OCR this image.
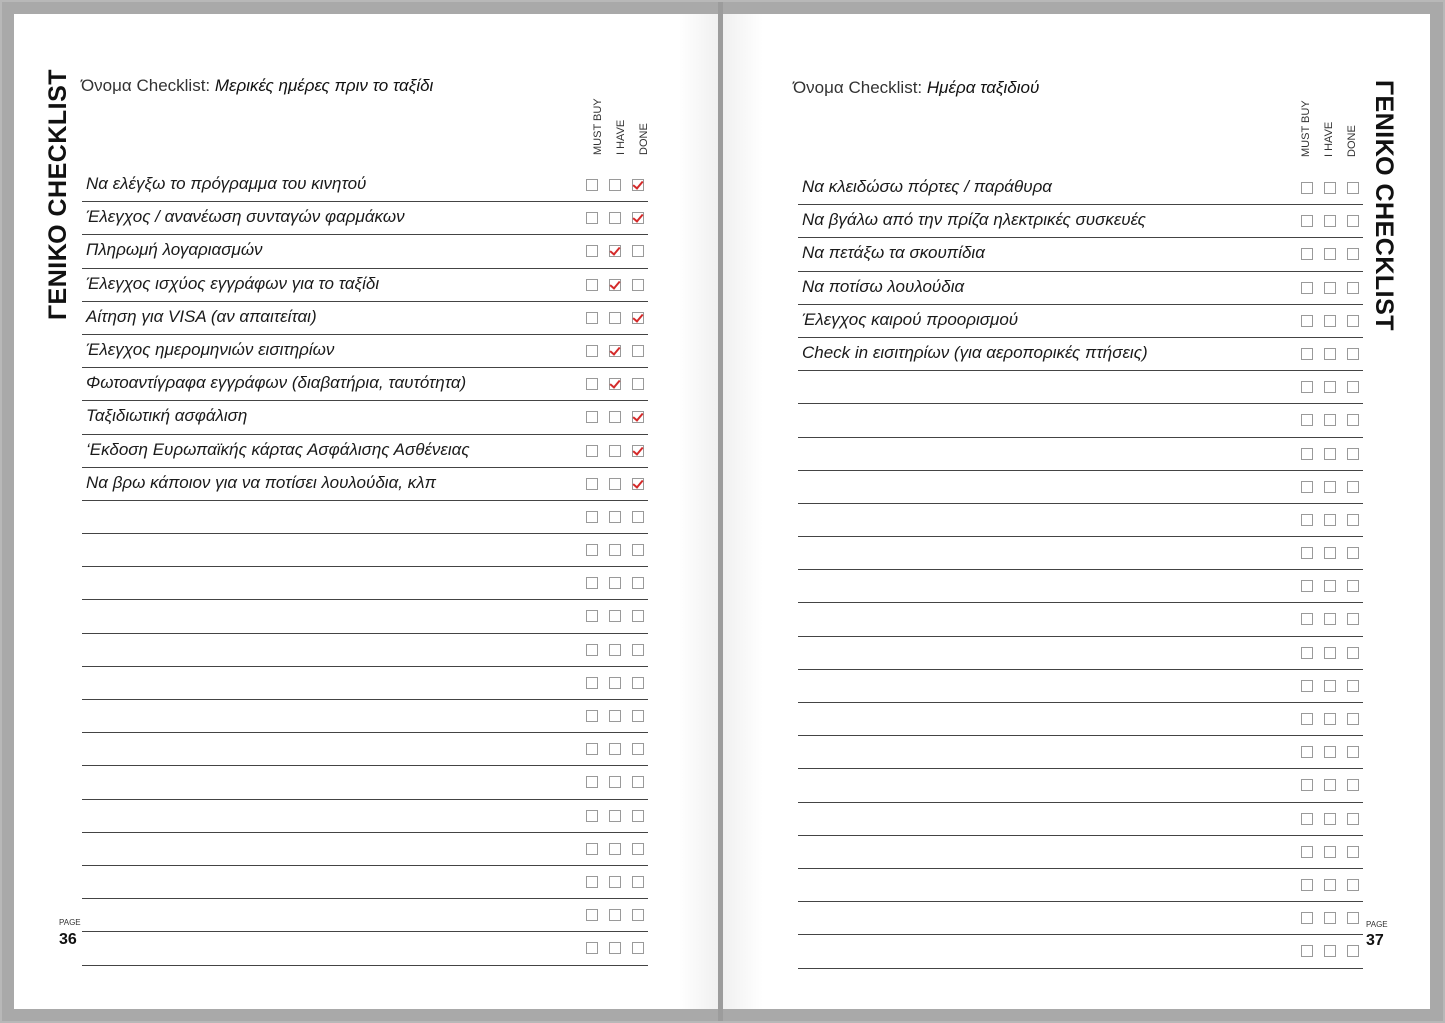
ΓΕΝΙΚΟ CHECKLIST Όνομα Checklist: Μερικές ημέρες πριν το ταξίδι
MUST BUY I HAVE DONE
Να ελέγξω το πρόγραμμα του κινητού
Έλεγχος / ανανέωση συνταγών φαρμάκων
Πληρωμή λογαριασμών
Έλεγχος ισχύος εγγράφων για το ταξίδι
Αίτηση για VISA (αν απαιτείται)
Έλεγχος ημερομηνιών εισιτηρίων
Φωτοαντίγραφα εγγράφων (διαβατήρια, ταυτότητα)
Ταξιδιωτική ασφάλιση
‘Εκδοση Ευρωπαϊκής κάρτας Ασφάλισης Ασθένειας
Να βρω κάποιον για να ποτίσει λουλούδια, κλπ
PAGE
36
ΓΕΝΙΚΟ CHECKLIST
Όνομα Checklist: Ημέρα ταξιδιού
MUST BUY I HAVE DONE
Να κλειδώσω πόρτες / παράθυρα
Να βγάλω από την πρίζα ηλεκτρικές συσκευές
Να πετάξω τα σκουπίδια
Να ποτίσω λουλούδια
Έλεγχος καιρού προορισμού
Check in εισιτηρίων (για αεροπορικές πτήσεις)
PAGE
37
